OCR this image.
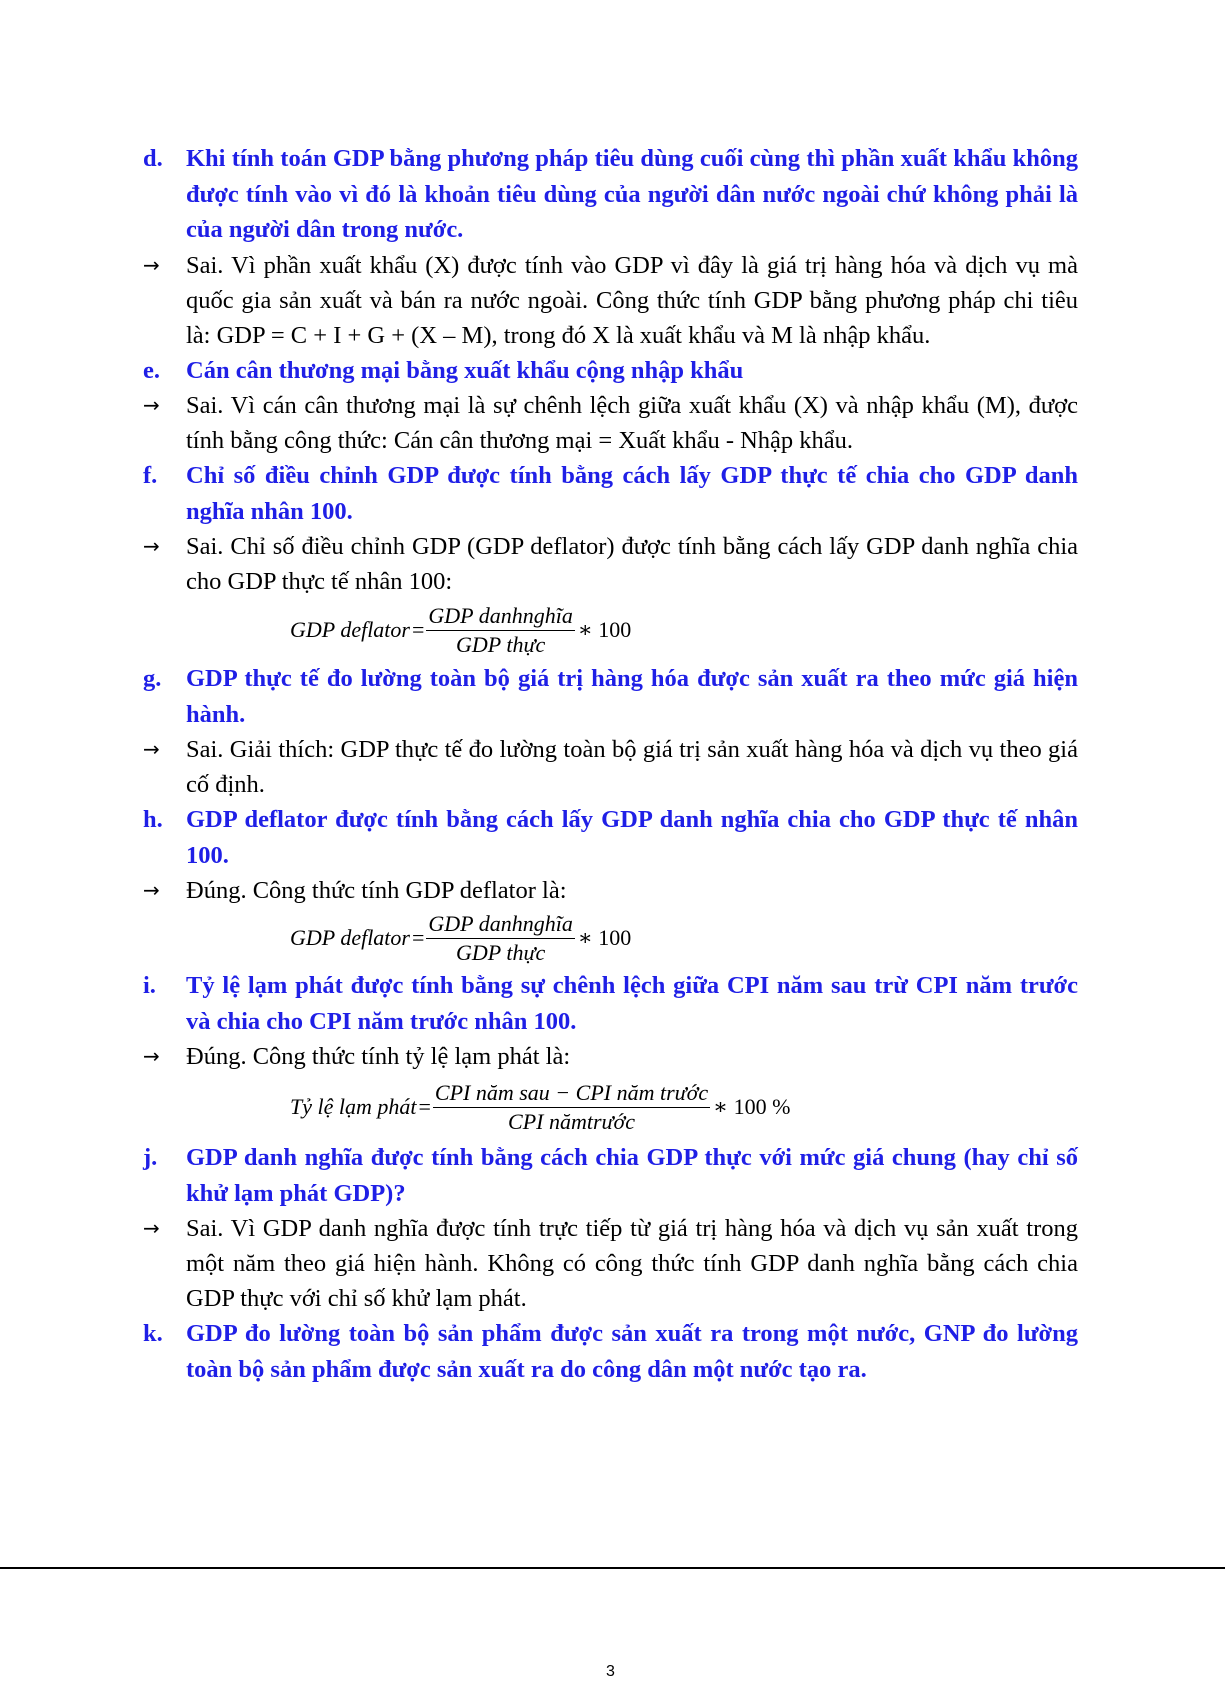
d. Khi tính toán GDP bằng phương pháp tiêu dùng cuối cùng thì phần xuất khẩu không được tính vào vì đó là khoản tiêu dùng của người dân nước ngoài chứ không phải là của người dân trong nước.
→	Sai. Vì phần xuất khẩu (X) được tính vào GDP vì đây là giá trị hàng hóa và dịch vụ mà quốc gia sản xuất và bán ra nước ngoài. Công thức tính GDP bằng phương pháp chi tiêu là: GDP = C + I + G + (X – M), trong đó X là xuất khẩu và M là nhập khẩu.
e.	Cán cân thương mại bằng xuất khẩu cộng nhập khẩu
→	Sai. Vì cán cân thương mại là sự chênh lệch giữa xuất khẩu (X) và nhập khẩu (M), được tính bằng công thức: Cán cân thương mại = Xuất khẩu - Nhập khẩu.
f.	Chỉ số điều chỉnh GDP được tính bằng cách lấy GDP thực tế chia cho GDP danh nghĩa nhân 100.
→	Sai. Chỉ số điều chỉnh GDP (GDP deflator) được tính bằng cách lấy GDP danh nghĩa chia cho GDP thực tế nhân 100:
GDP deflator = $\frac{\text{GDP danhnghĩa}}{\text{GDP thực}}$ ∗ 100
g.	GDP thực tế đo lường toàn bộ giá trị hàng hóa được sản xuất ra theo mức giá hiện hành.
→	Sai. Giải thích: GDP thực tế đo lường toàn bộ giá trị sản xuất hàng hóa và dịch vụ theo giá cố định.
h. GDP deflator được tính bằng cách lấy GDP danh nghĩa chia cho GDP thực tế nhân 100.
→	Đúng. Công thức tính GDP deflator là:
GDP deflator = $\frac{\text{GDP danhnghĩa}}{\text{GDP thực}}$ ∗ 100
i.	Tỷ lệ lạm phát được tính bằng sự chênh lệch giữa CPI năm sau trừ CPI năm trước và chia cho CPI năm trước nhân 100.
→	Đúng. Công thức tính tỷ lệ lạm phát là:
Tỷ lệ lạm phát = $\frac{\text{CPI năm sau − CPI năm trước}}{\text{CPI nămtrước}}$ ∗ 100 %
j.	GDP danh nghĩa được tính bằng cách chia GDP thực với mức giá chung (hay chỉ số khử lạm phát GDP)?
→	Sai. Vì GDP danh nghĩa được tính trực tiếp từ giá trị hàng hóa và dịch vụ sản xuất trong một năm theo giá hiện hành. Không có công thức tính GDP danh nghĩa bằng cách chia GDP thực với chỉ số khử lạm phát.
k. GDP đo lường toàn bộ sản phẩm được sản xuất ra trong một nước, GNP đo lường toàn bộ sản phẩm được sản xuất ra do công dân một nước tạo ra.
3
